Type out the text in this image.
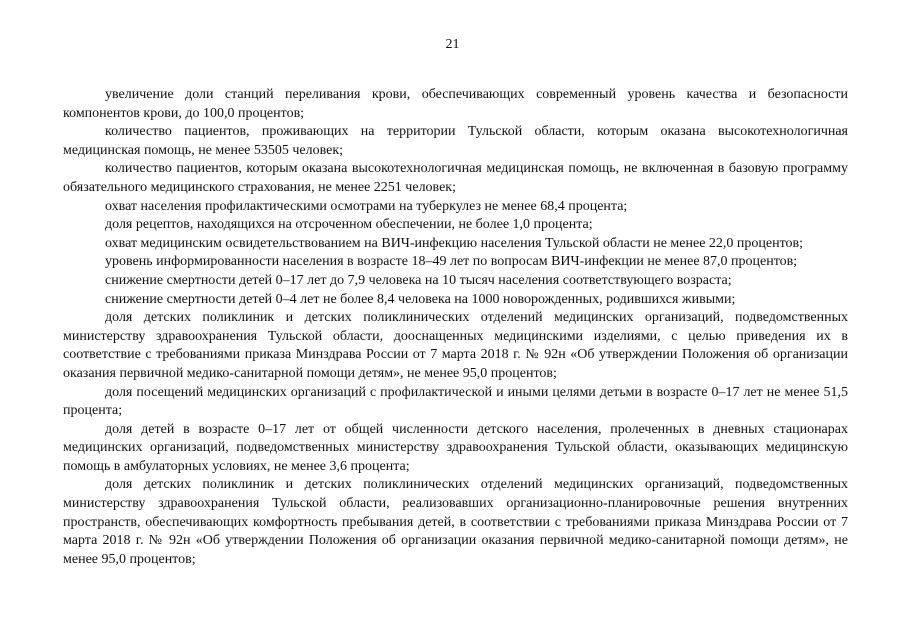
21

увеличение доли станций переливания крови, обеспечивающих современный уровень качества и безопасности компонентов крови, до 100,0 процентов;

количество пациентов, проживающих на территории Тульской области, которым оказана высокотехнологичная медицинская помощь, не менее 53505 человек;

количество пациентов, которым оказана высокотехнологичная медицинская помощь, не включенная в базовую программу обязательного медицинского страхования, не менее 2251 человек;

охват населения профилактическими осмотрами на туберкулез не менее 68,4 процента;

доля рецептов, находящихся на отсроченном обеспечении, не более 1,0 процента;

охват медицинским освидетельствованием на ВИЧ-инфекцию населения Тульской области не менее 22,0 процентов;

уровень информированности населения в возрасте 18–49 лет по вопросам ВИЧ-инфекции не менее 87,0 процентов;

снижение смертности детей 0–17 лет до 7,9 человека на 10 тысяч населения соответствующего возраста;

снижение смертности детей 0–4 лет не более 8,4 человека на 1000 новорожденных, родившихся живыми;

доля детских поликлиник и детских поликлинических отделений медицинских организаций, подведомственных министерству здравоохранения Тульской области, дооснащенных медицинскими изделиями, с целью приведения их в соответствие с требованиями приказа Минздрава России от 7 марта 2018 г. № 92н «Об утверждении Положения об организации оказания первичной медико-санитарной помощи детям», не менее 95,0 процентов;

доля посещений медицинских организаций с профилактической и иными целями детьми в возрасте 0–17 лет не менее 51,5 процента;

доля детей в возрасте 0–17 лет от общей численности детского населения, пролеченных в дневных стационарах медицинских организаций, подведомственных министерству здравоохранения Тульской области, оказывающих медицинскую помощь в амбулаторных условиях, не менее 3,6 процента;

доля детских поликлиник и детских поликлинических отделений медицинских организаций, подведомственных министерству здравоохранения Тульской области, реализовавших организационно-планировочные решения внутренних пространств, обеспечивающих комфортность пребывания детей, в соответствии с требованиями приказа Минздрава России от 7 марта 2018 г. № 92н «Об утверждении Положения об организации оказания первичной медико-санитарной помощи детям», не менее 95,0 процентов;
